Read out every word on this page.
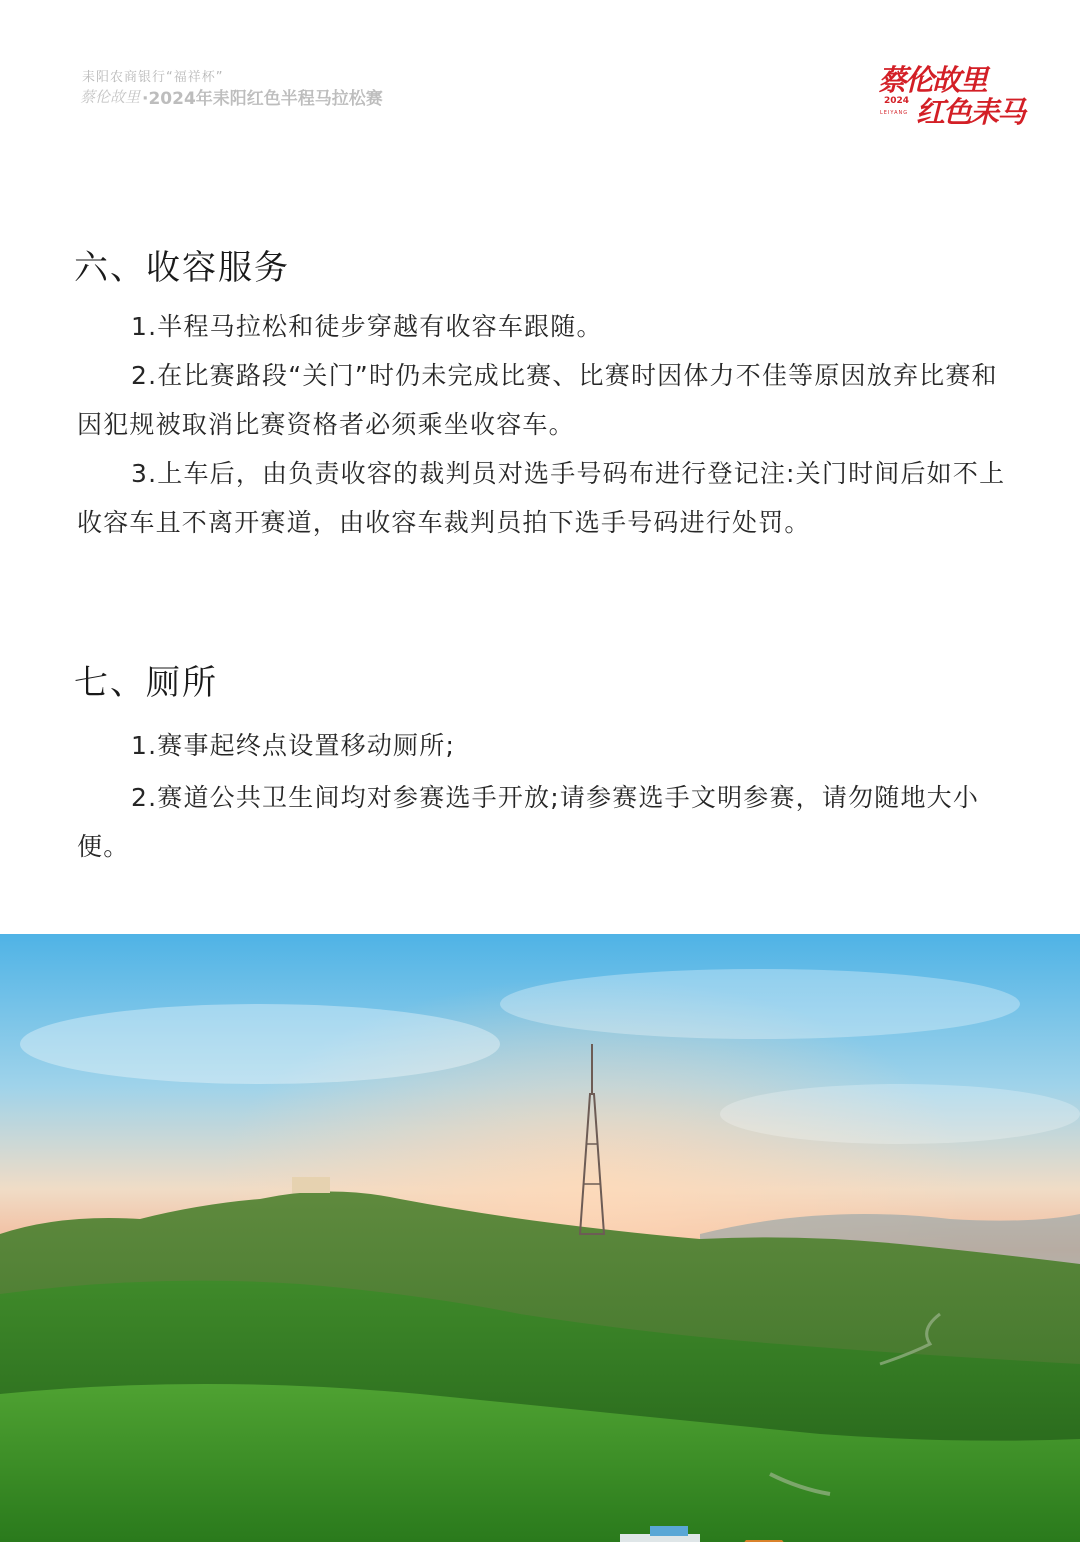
耒阳农商银行“福祥杯”
蔡伦故里 ·2024年耒阳红色半程马拉松赛
蔡伦故里
2024
LEIYANG 红色耒马
六、收容服务
1.半程马拉松和徒步穿越有收容车跟随。
2.在比赛路段“关门”时仍未完成比赛、比赛时因体力不佳等原因放弃比赛和因犯规被取消比赛资格者必须乘坐收容车。
3.上车后，由负责收容的裁判员对选手号码布进行登记注:关门时间后如不上收容车且不离开赛道，由收容车裁判员拍下选手号码进行处罚。
七、厕所
1.赛事起终点设置移动厕所;
2.赛道公共卫生间均对参赛选手开放;请参赛选手文明参赛，请勿随地大小便。
